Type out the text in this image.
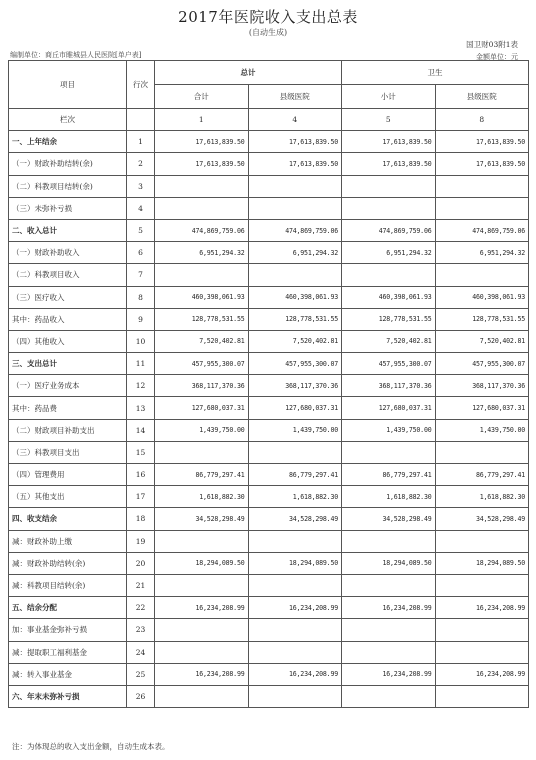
2017年医院收入支出总表
(自动生成)
国卫财03附1表
编制单位：商丘市睢城县人民医院[单户表]	金额单位：元
项目	行次	总计		卫生	
		合计	县级医院	小计	县级医院
栏次		1	4	5	8
一、上年结余	1	17,613,839.50	17,613,839.50	17,613,839.50	17,613,839.50
（一）财政补助结转(余)	2	17,613,839.50	17,613,839.50	17,613,839.50	17,613,839.50
（二）科教项目结转(余)	3				
（三）未弥补亏损	4				
二、收入总计	5	474,869,759.06	474,869,759.06	474,869,759.06	474,869,759.06
（一）财政补助收入	6	6,951,294.32	6,951,294.32	6,951,294.32	6,951,294.32
（二）科教项目收入	7				
（三）医疗收入	8	460,398,061.93	460,398,061.93	460,398,061.93	460,398,061.93
其中：药品收入	9	128,778,531.55	128,778,531.55	128,778,531.55	128,778,531.55
（四）其他收入	10	7,520,402.81	7,520,402.81	7,520,402.81	7,520,402.81
三、支出总计	11	457,955,300.07	457,955,300.07	457,955,300.07	457,955,300.07
（一）医疗业务成本	12	368,117,370.36	368,117,370.36	368,117,370.36	368,117,370.36
其中：药品费	13	127,680,037.31	127,680,037.31	127,680,037.31	127,680,037.31
（二）财政项目补助支出	14	1,439,750.00	1,439,750.00	1,439,750.00	1,439,750.00
（三）科教项目支出	15				
（四）管理费用	16	86,779,297.41	86,779,297.41	86,779,297.41	86,779,297.41
（五）其他支出	17	1,618,882.30	1,618,882.30	1,618,882.30	1,618,882.30
四、收支结余	18	34,528,298.49	34,528,298.49	34,528,298.49	34,528,298.49
减：财政补助上缴	19				
减：财政补助结转(余)	20	18,294,089.50	18,294,089.50	18,294,089.50	18,294,089.50
减：科教项目结转(余)	21				
五、结余分配	22	16,234,208.99	16,234,208.99	16,234,208.99	16,234,208.99
加：事业基金弥补亏损	23				
减：提取职工福利基金	24				
减：转入事业基金	25	16,234,208.99	16,234,208.99	16,234,208.99	16,234,208.99
六、年末未弥补亏损	26				
注：为体现总的收入支出金额，自动生成本表。
